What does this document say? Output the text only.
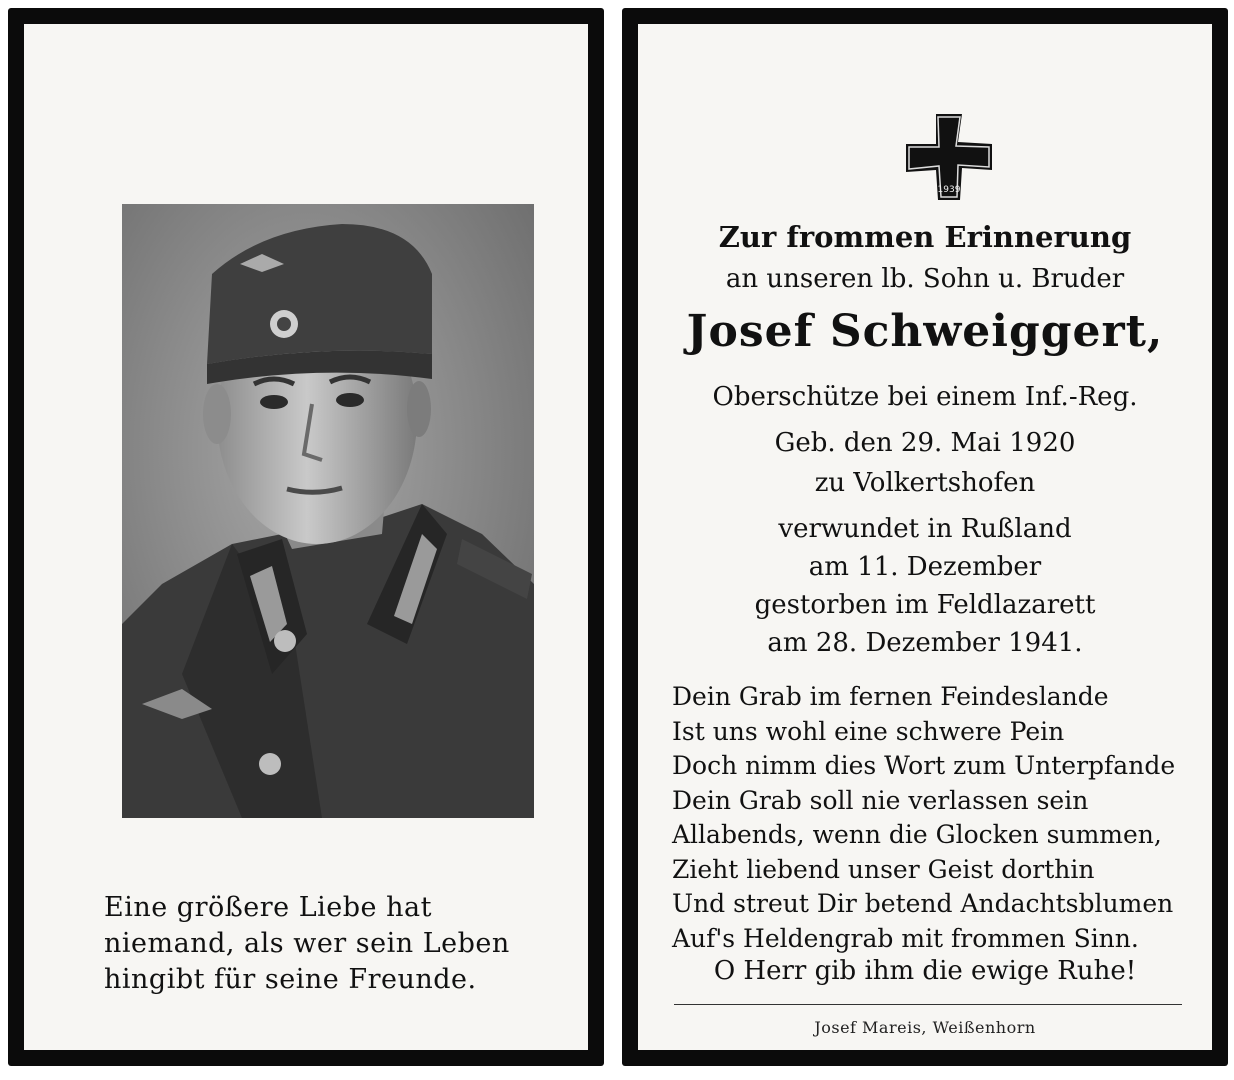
Eine größere Liebe hat
niemand, als wer sein Leben
hingibt für seine Freunde.
1939
Zur frommen Erinnerung
an unseren lb. Sohn u. Bruder
Josef Schweiggert,
Oberschütze bei einem Inf.-Reg.
Geb. den 29. Mai 1920
zu Volkertshofen
verwundet in Rußland
am 11. Dezember
gestorben im Feldlazarett
am 28. Dezember 1941.
Dein Grab im fernen Feindeslande
Ist uns wohl eine schwere Pein
Doch nimm dies Wort zum Unterpfande
Dein Grab soll nie verlassen sein
Allabends, wenn die Glocken summen,
Zieht liebend unser Geist dorthin
Und streut Dir betend Andachtsblumen
Auf's Heldengrab mit frommen Sinn.
O Herr gib ihm die ewige Ruhe!
Josef Mareis, Weißenhorn
